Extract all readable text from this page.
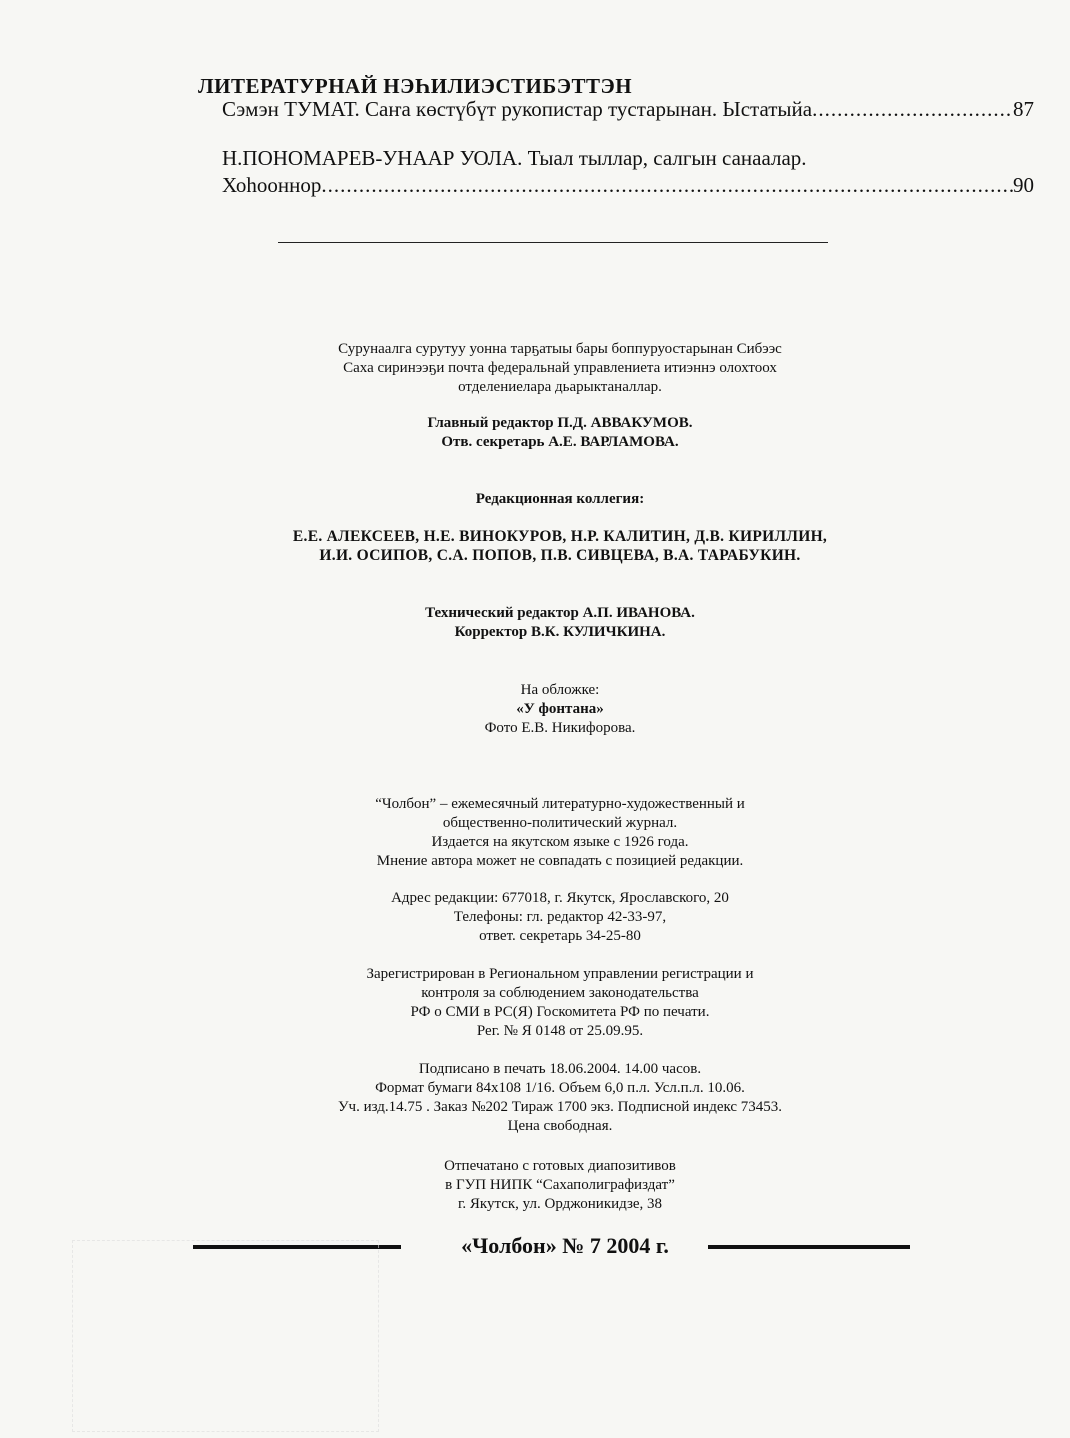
ЛИТЕРАТУРНАЙ НЭҺИЛИЭСТИБЭТТЭН
Сэмэн ТУМАТ. Саҥа көстүбүт рукопистар тустарынан. Ыстатыйа .....	87
Н.ПОНОМАРЕВ-УНААР УОЛА. Тыал тыллар, салгын санаалар.
Хоһооннор .....	90
Сурунаалга сурутуу уонна тарҕатыы бары боппуруостарынан Сибээс
Саха сиринээҕи почта федеральнай управлениета итиэннэ олохтоох
отделениелара дьарыктаналлар.
Главный редактор П.Д. АВВАКУМОВ.
Отв. секретарь А.Е. ВАРЛАМОВА.
Редакционная коллегия:
Е.Е. АЛЕКСЕЕВ, Н.Е. ВИНОКУРОВ, Н.Р. КАЛИТИН, Д.В. КИРИЛЛИН,
И.И. ОСИПОВ, С.А. ПОПОВ, П.В. СИВЦЕВА, В.А. ТАРАБУКИН.
Технический редактор А.П. ИВАНОВА.
Корректор В.К. КУЛИЧКИНА.
На обложке:
«У фонтана»
Фото Е.В. Никифорова.
“Чолбон” – ежемесячный литературно-художественный и
общественно-политический журнал.
Издается на якутском языке с 1926 года.
Мнение автора может не совпадать с позицией редакции.
Адрес редакции: 677018, г. Якутск, Ярославского, 20
Телефоны: гл. редактор 42-33-97,
ответ. секретарь 34-25-80
Зарегистрирован в Региональном управлении регистрации и
контроля за соблюдением законодательства
РФ о СМИ в РС(Я) Госкомитета РФ по печати.
Рег. № Я 0148 от 25.09.95.
Подписано в печать 18.06.2004. 14.00 часов.
Формат бумаги 84х108 1/16. Объем 6,0 п.л. Усл.п.л. 10.06.
Уч. изд.14.75 . Заказ №202 Тираж 1700 экз. Подписной индекс 73453.
Цена свободная.
Отпечатано с готовых диапозитивов
в ГУП НИПК “Сахаполиграфиздат”
г. Якутск, ул. Орджоникидзе, 38
«Чолбон» № 7 2004 г.
